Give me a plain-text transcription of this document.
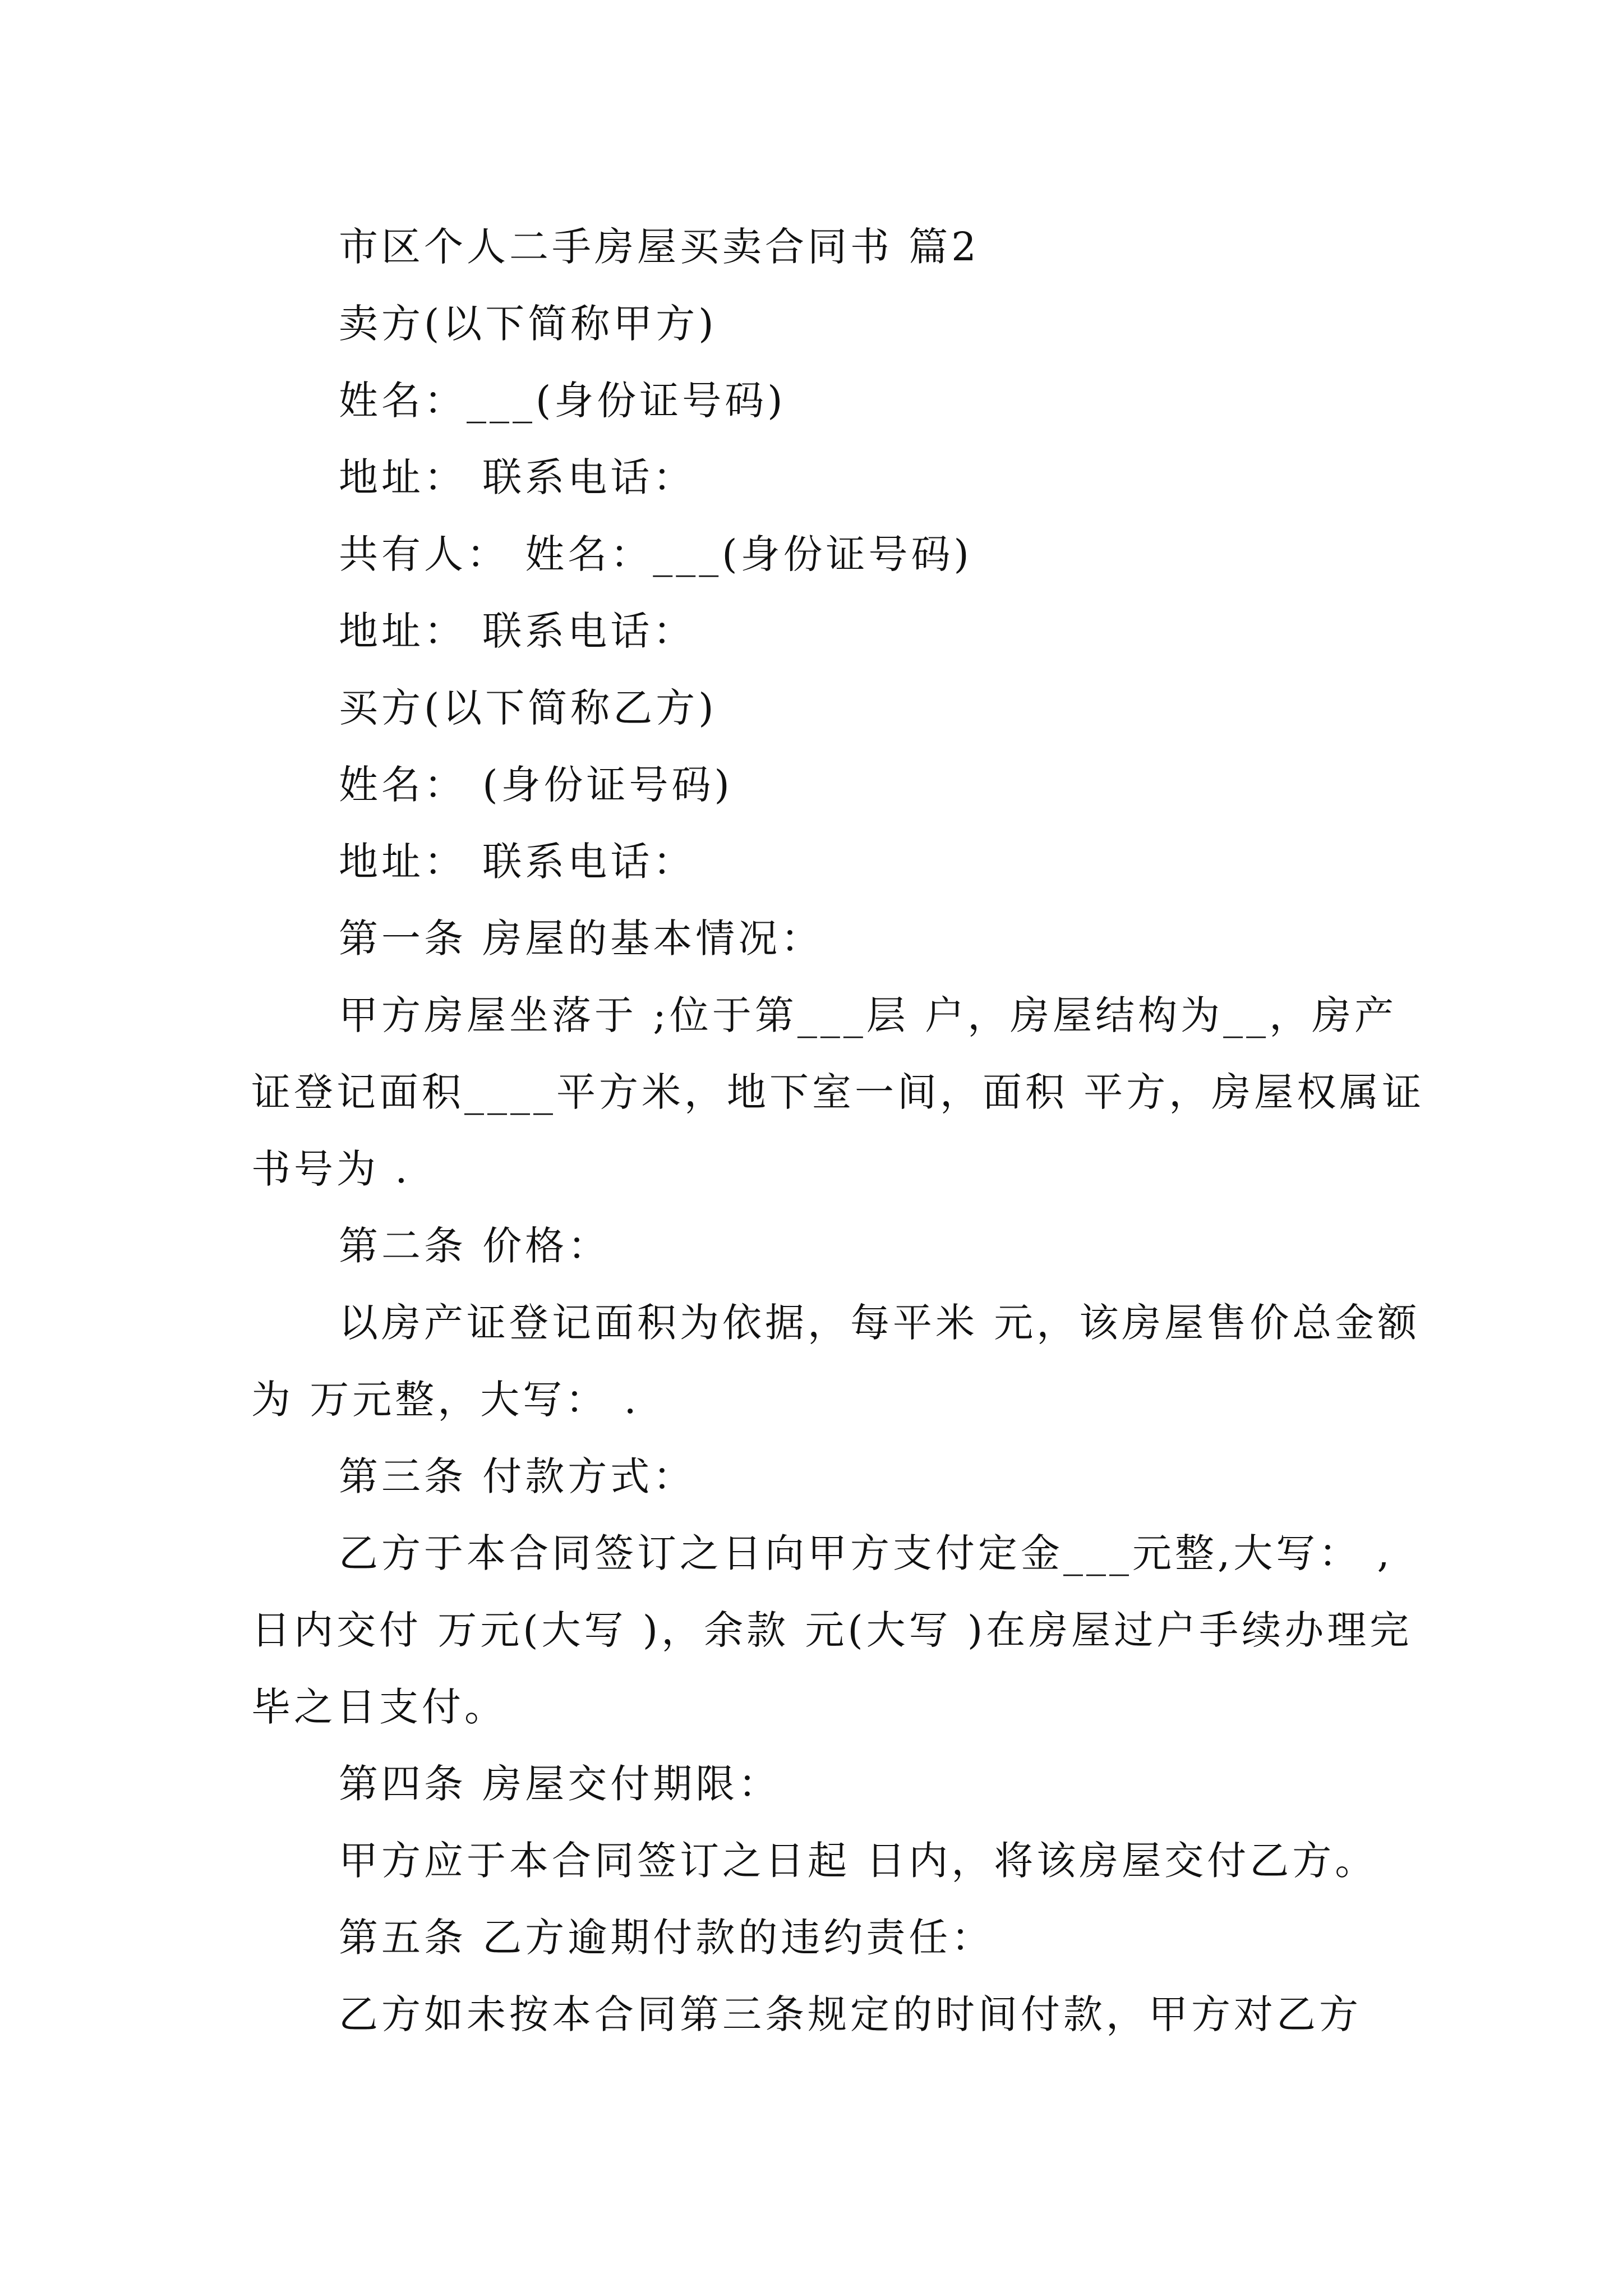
市区个人二手房屋买卖合同书 篇2

卖方(以下简称甲方)

姓名：___(身份证号码)

地址： 联系电话：

共有人： 姓名：___(身份证号码)

地址： 联系电话：

买方(以下简称乙方)

姓名： (身份证号码)

地址： 联系电话：

第一条 房屋的基本情况：

甲方房屋坐落于 ;位于第___层 户，房屋结构为__，房产证登记面积____平方米，地下室一间，面积 平方，房屋权属证书号为 .

第二条 价格：

以房产证登记面积为依据，每平米 元，该房屋售价总金额为 万元整，大写： .

第三条 付款方式：

乙方于本合同签订之日向甲方支付定金___元整,大写： ,日内交付 万元(大写 )，余款 元(大写 )在房屋过户手续办理完毕之日支付。

第四条 房屋交付期限：

甲方应于本合同签订之日起 日内，将该房屋交付乙方。

第五条 乙方逾期付款的违约责任：

乙方如未按本合同第三条规定的时间付款，甲方对乙方
